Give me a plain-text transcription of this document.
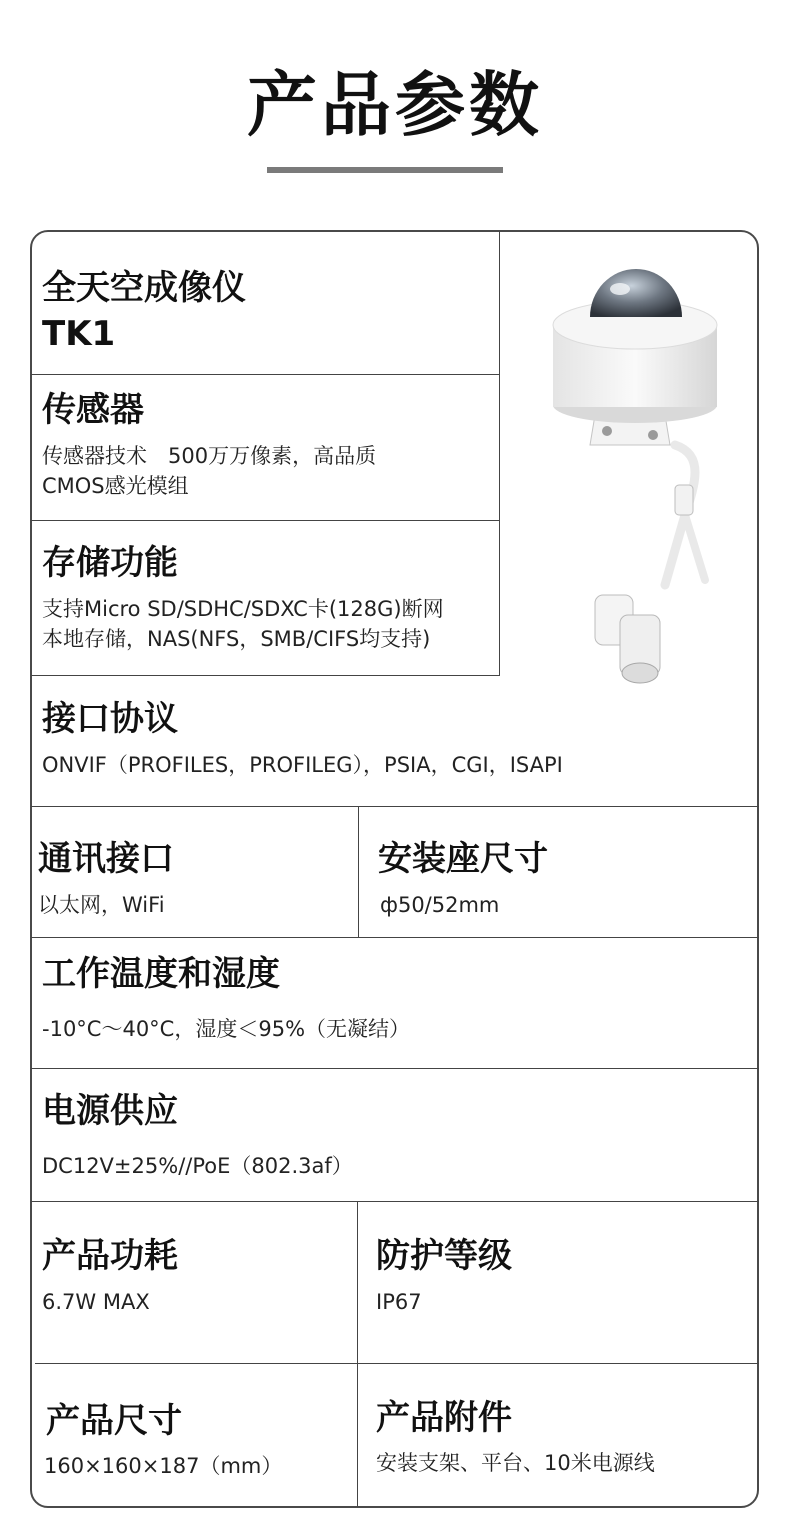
产品参数
全天空成像仪
TK1
传感器
传感器技术　500万万像素，高品质
CMOS感光模组
存储功能
支持Micro SD/SDHC/SDXC卡(128G)断网
本地存储，NAS(NFS，SMB/CIFS均支持)
接口协议
ONVIF（PROFILES，PROFILEG），PSIA，CGI，ISAPI
通讯接口
以太网，WiFi
安装座尺寸
ф50/52mm
工作温度和湿度
-10°C～40°C，湿度＜95%（无凝结）
电源供应
DC12V±25%//PoE（802.3af）
产品功耗
6.7W MAX
防护等级
IP67
产品尺寸
160×160×187（mm）
产品附件
安装支架、平台、10米电源线
